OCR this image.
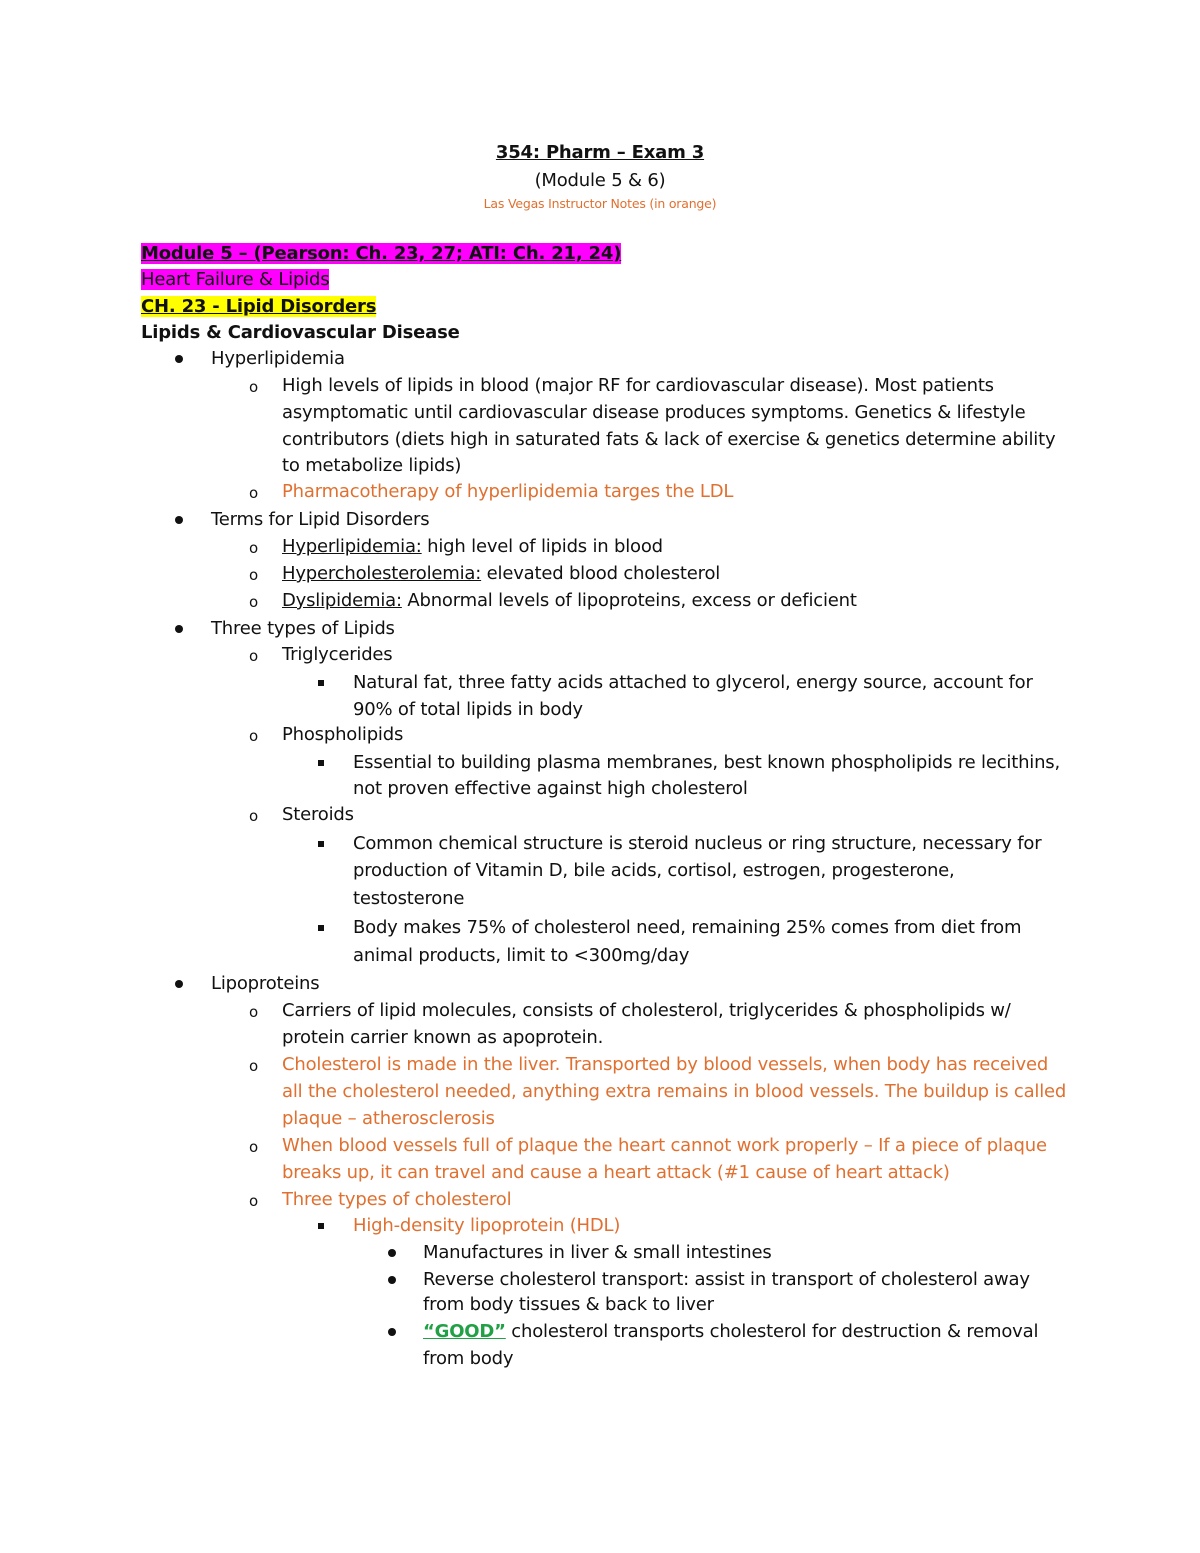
354: Pharm – Exam 3
(Module 5 & 6)
Las Vegas Instructor Notes (in orange)
Module 5 – (Pearson: Ch. 23, 27; ATI: Ch. 21, 24)
Heart Failure & Lipids
CH. 23 - Lipid Disorders
Lipids & Cardiovascular Disease
Hyperlipidemia
o High levels of lipids in blood (major RF for cardiovascular disease). Most patients
asymptomatic until cardiovascular disease produces symptoms. Genetics & lifestyle
contributors (diets high in saturated fats & lack of exercise & genetics determine ability
to metabolize lipids)
o Pharmacotherapy of hyperlipidemia targes the LDL
Terms for Lipid Disorders
o Hyperlipidemia: high level of lipids in blood
o Hypercholesterolemia: elevated blood cholesterol
o Dyslipidemia: Abnormal levels of lipoproteins, excess or deficient
Three types of Lipids
o Triglycerides
Natural fat, three fatty acids attached to glycerol, energy source, account for
90% of total lipids in body
o Phospholipids
Essential to building plasma membranes, best known phospholipids re lecithins,
not proven effective against high cholesterol
o Steroids
Common chemical structure is steroid nucleus or ring structure, necessary for
production of Vitamin D, bile acids, cortisol, estrogen, progesterone,
testosterone
Body makes 75% of cholesterol need, remaining 25% comes from diet from
animal products, limit to <300mg/day
Lipoproteins
o Carriers of lipid molecules, consists of cholesterol, triglycerides & phospholipids w/
protein carrier known as apoprotein.
o Cholesterol is made in the liver. Transported by blood vessels, when body has received
all the cholesterol needed, anything extra remains in blood vessels. The buildup is called
plaque – atherosclerosis
o When blood vessels full of plaque the heart cannot work properly – If a piece of plaque
breaks up, it can travel and cause a heart attack (#1 cause of heart attack)
o Three types of cholesterol
High-density lipoprotein (HDL)
Manufactures in liver & small intestines
Reverse cholesterol transport: assist in transport of cholesterol away
from body tissues & back to liver
“GOOD” cholesterol transports cholesterol for destruction & removal
from body
